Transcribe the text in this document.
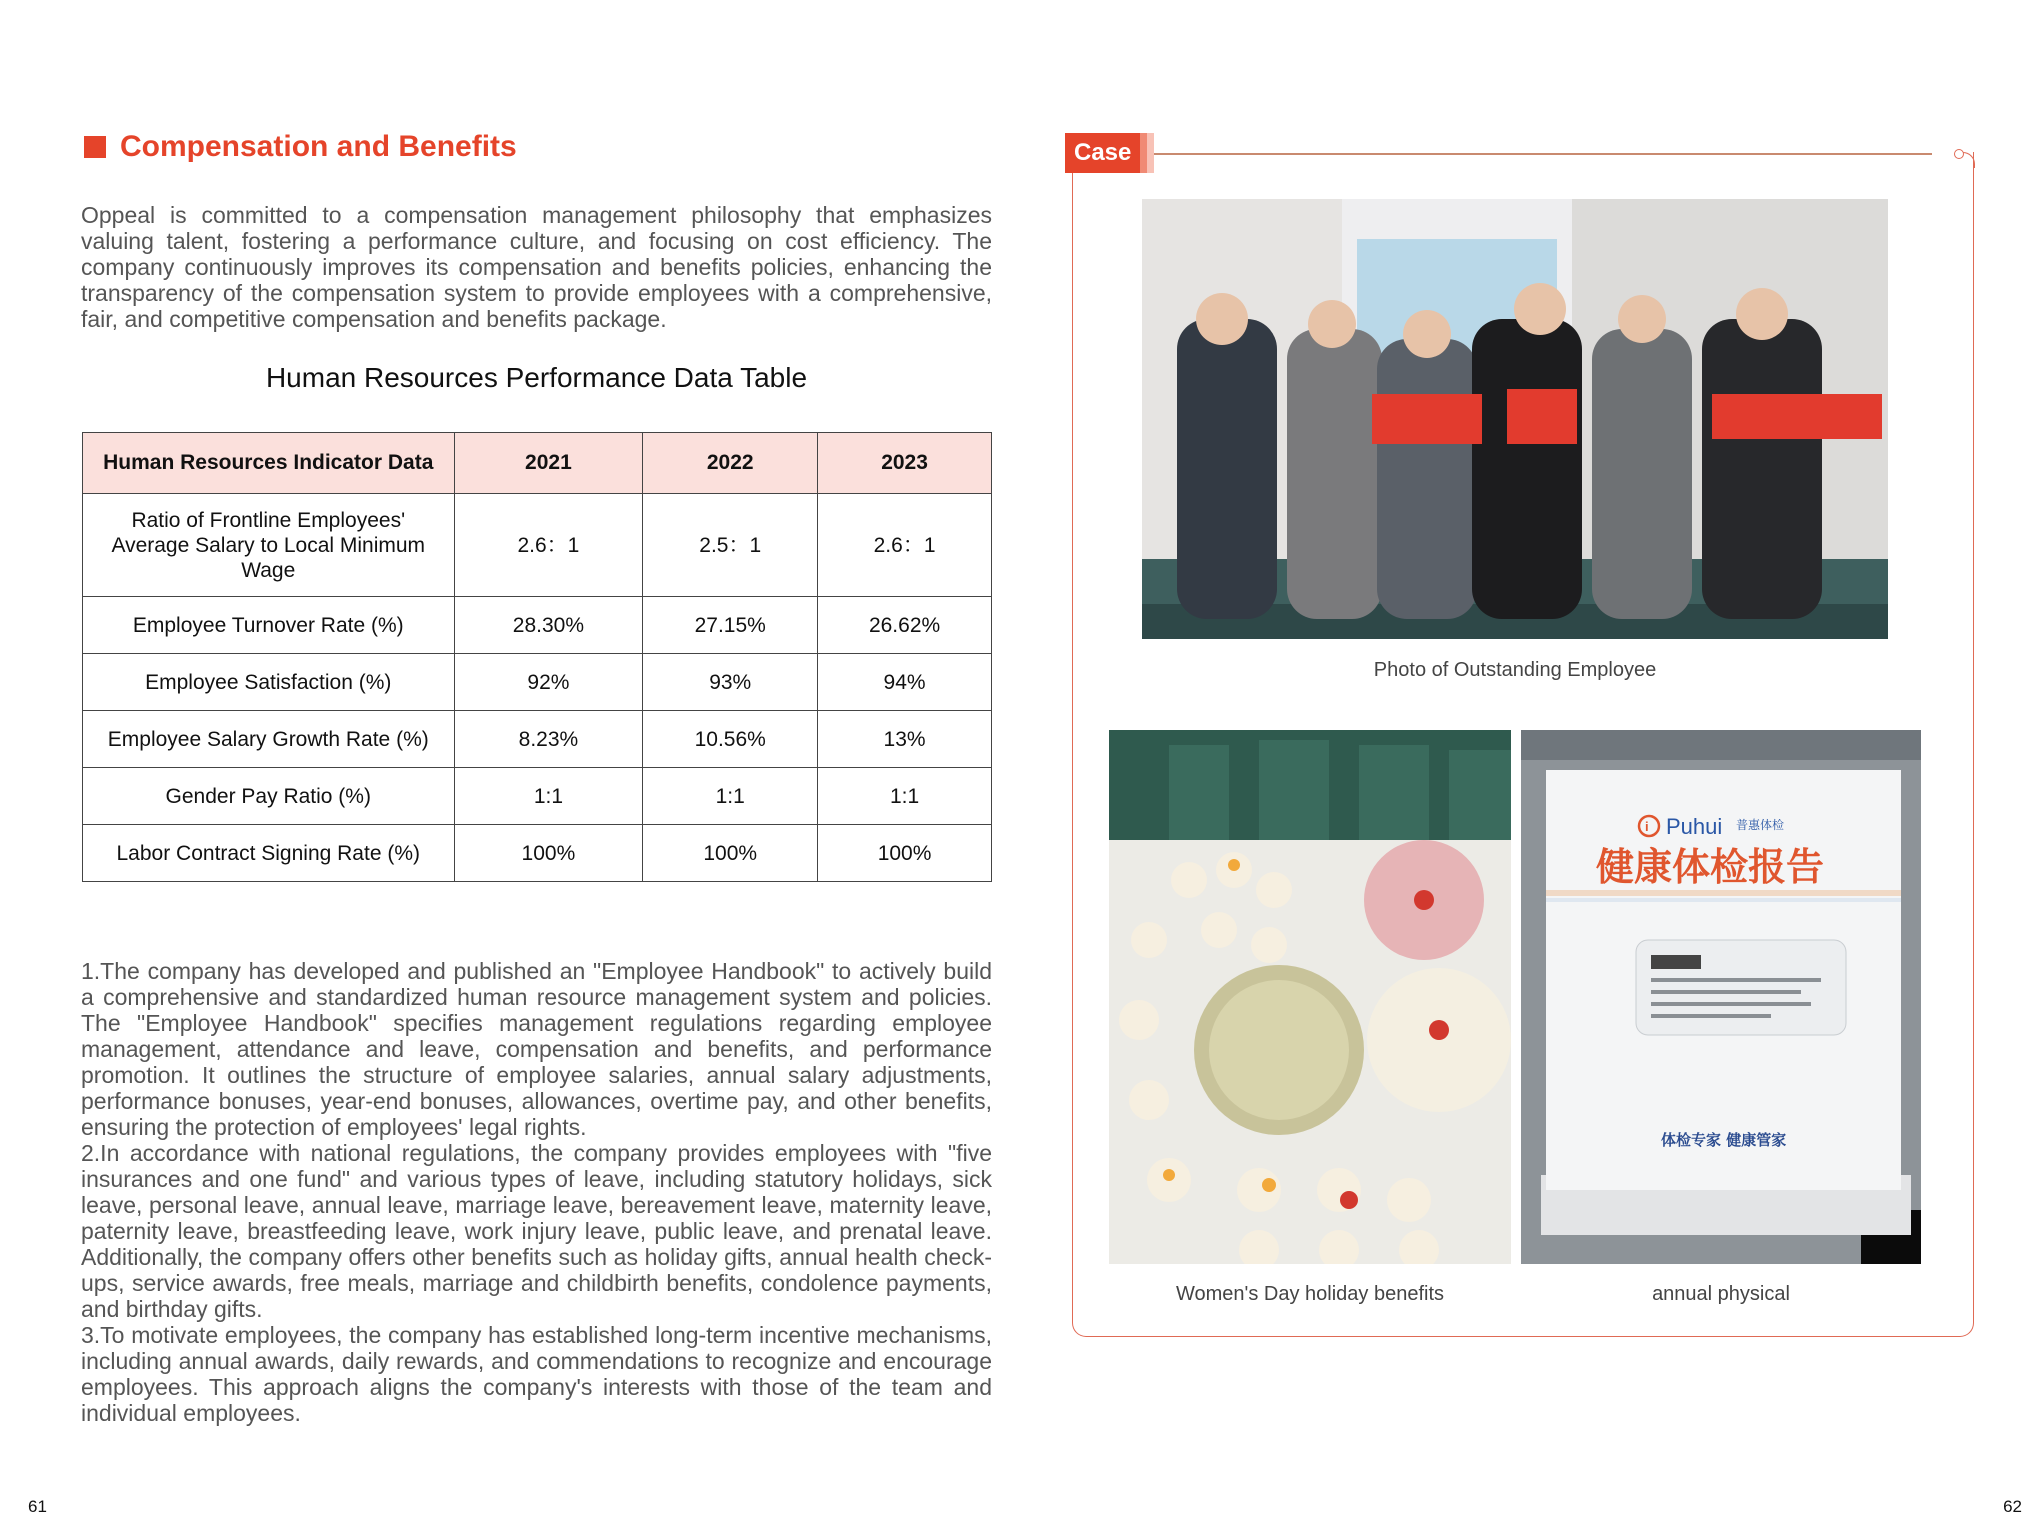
Compensation and Benefits

Oppeal is committed to a compensation management philosophy that emphasizes valuing talent, fostering a performance culture, and focusing on cost efficiency. The company continuously improves its compensation and benefits policies, enhancing the transparency of the compensation system to provide employees with a comprehensive, fair, and competitive compensation and benefits package.

Human Resources Performance Data Table
Human Resources Indicator Data	2021	2022	2023
Ratio of Frontline Employees' Average Salary to Local Minimum Wage	2.6：1	2.5：1	2.6：1
Employee Turnover Rate (%)	28.30%	27.15%	26.62%
Employee Satisfaction (%)	92%	93%	94%
Employee Salary Growth Rate (%)	8.23%	10.56%	13%
Gender Pay Ratio (%)	1:1	1:1	1:1
Labor Contract Signing Rate (%)	100%	100%	100%

1.The company has developed and published an "Employee Handbook" to actively build a comprehensive and standardized human resource management system and policies. The "Employee Handbook" specifies management regulations regarding employee management, attendance and leave, compensation and benefits, and performance promotion. It outlines the structure of employee salaries, annual salary adjustments, performance bonuses, year-end bonuses, allowances, overtime pay, and other benefits, ensuring the protection of employees' legal rights.

2.In accordance with national regulations, the company provides employees with "five insurances and one fund" and various types of leave, including statutory holidays, sick leave, personal leave, annual leave, marriage leave, bereavement leave, maternity leave, paternity leave, breastfeeding leave, work injury leave, public leave, and prenatal leave. Additionally, the company offers other benefits such as holiday gifts, annual health check-ups, service awards, free meals, marriage and childbirth benefits, condolence payments, and birthday gifts.

3.To motivate employees, the company has established long-term incentive mechanisms, including annual awards, daily rewards, and commendations to recognize and encourage employees. This approach aligns the company's interests with those of the team and individual employees.

Case

Photo of Outstanding Employee

Women's Day holiday benefits

i Puhui 普惠体检
健康体检报告
体检专家 健康管家

annual physical

61	62
